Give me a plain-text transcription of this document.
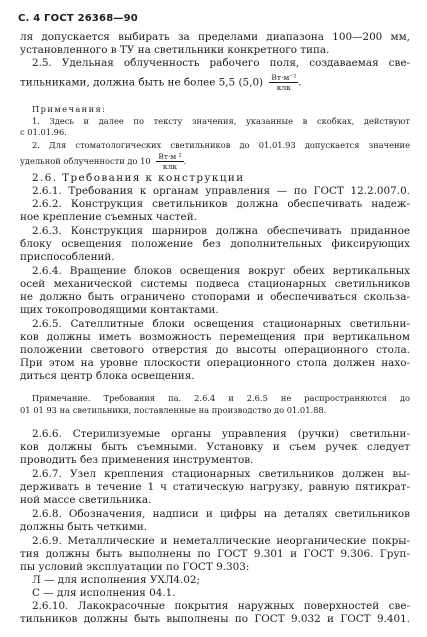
С. 4 ГОСТ 26368—90
ля допускается выбирать за пределами диапазона 100—200 мм,
установленного в ТУ на светильники конкретного типа.
2.5. Удельная облученность рабочего поля, создаваемая све-
тильниками, должна быть не более 5,5 $(5,0) \frac{\text{Вт·м⁻²}}{\text{клк}}$ .
Примечания:
1. Здесь и далее по тексту значения, указанные в скобках, действуют
с 01.01.96.
2. Для стоматологических светильников до 01.01.93 допускается значение
удельной облученности до $10 \frac{\text{Вт·м ²}}{\text{клк}}$ .
2.6. Требования к конструкции
2.6.1. Требования к органам управления — по ГОСТ 12.2.007.0.
2.6.2. Конструкция светильников должна обеспечивать надеж-
ное крепление съемных частей.
2.6.3. Конструкция шарниров должна обеспечивать приданное
блоку освещения положение без дополнительных фиксирующих
приспособлений.
2.6.4. Вращение блоков освещения вокруг обеих вертикальных
осей механической системы подвеса стационарных светильников
не должно быть ограничено стопорами и обеспечиваться скольза-
щих токопроводящими контактами.
2.6.5. Сателлитные блоки освещения стационарных светильни-
ков должны иметь возможность перемещения при вертикальном
положении светового отверстия до высоты операционного стола.
При этом на уровне плоскости операционного стола должен нахо-
диться центр блока освещения.
Примечание. Требования па. 2.6.4 и 2.6.5 не распространяются до
01 01 93 на светильники, поставленные на производство до 01.01.88.
2.6.6. Стерилизуемые органы управления (ручки) светильни-
ков должны быть съемными. Установку и съем ручек следует
проводить без применения инструментов.
2.6.7. Узел крепления стационарных светильников должен вы-
держивать в течение 1 ч статическую нагрузку, равную пятикрат-
ной массе светильника.
2.6.8. Обозначения, надписи и цифры на деталях светильников
должны быть четкими.
2.6.9. Металлические и неметаллические неорганические покры-
тия должны быть выполнены по ГОСТ 9.301 и ГОСТ 9.306. Груп-
пы условий эксплуатации по ГОСТ 9.303:
Л — для исполнения УХЛ4.02;
С — для исполнения 04.1.
2.6.10. Лакокрасочные покрытия наружных поверхностей све-
тильников должны быть выполнены по ГОСТ 9.032 и ГОСТ 9.401.
